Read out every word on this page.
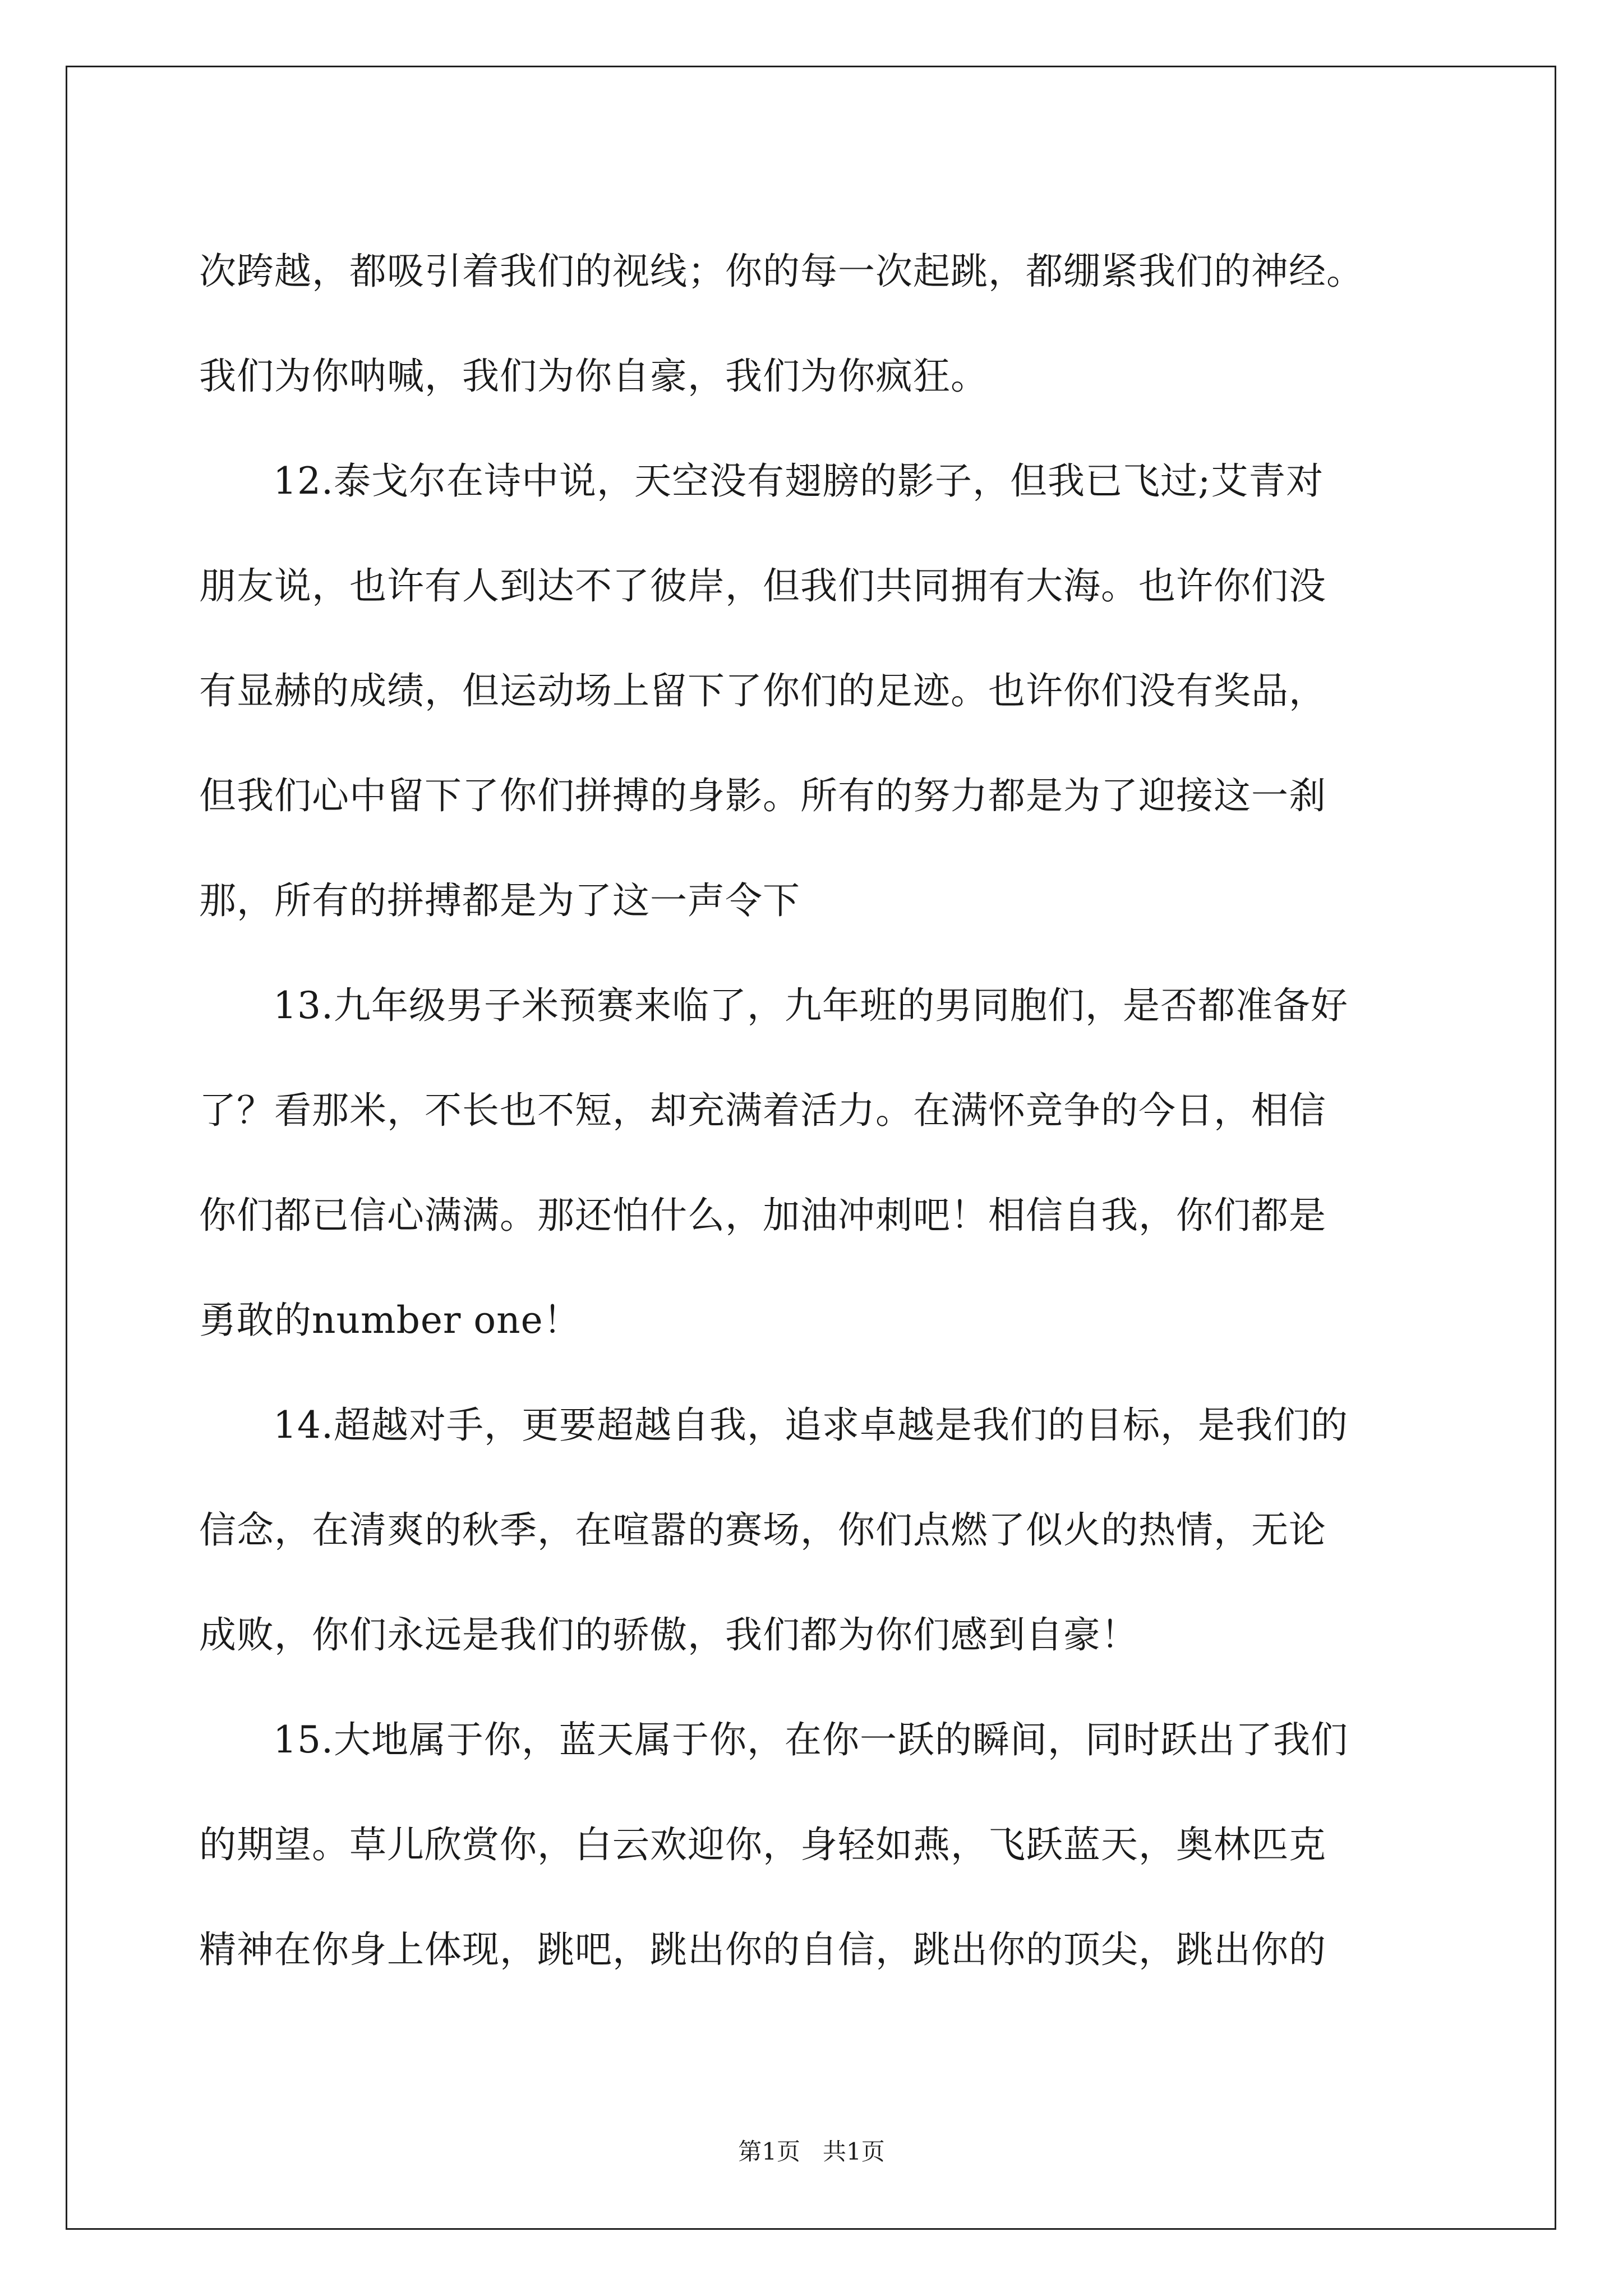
次跨越，都吸引着我们的视线；你的每一次起跳，都绷紧我们的神经。
我们为你呐喊，我们为你自豪，我们为你疯狂。
12.泰戈尔在诗中说，天空没有翅膀的影子，但我已飞过;艾青对
朋友说，也许有人到达不了彼岸，但我们共同拥有大海。也许你们没
有显赫的成绩，但运动场上留下了你们的足迹。也许你们没有奖品，
但我们心中留下了你们拼搏的身影。所有的努力都是为了迎接这一刹
那，所有的拼搏都是为了这一声令下
13.九年级男子米预赛来临了，九年班的男同胞们，是否都准备好
了？看那米，不长也不短，却充满着活力。在满怀竞争的今日，相信
你们都已信心满满。那还怕什么，加油冲刺吧！相信自我，你们都是
勇敢的number one！
14.超越对手，更要超越自我，追求卓越是我们的目标，是我们的
信念，在清爽的秋季，在喧嚣的赛场，你们点燃了似火的热情，无论
成败，你们永远是我们的骄傲，我们都为你们感到自豪！
15.大地属于你，蓝天属于你，在你一跃的瞬间，同时跃出了我们
的期望。草儿欣赏你，白云欢迎你，身轻如燕，飞跃蓝天，奥林匹克
精神在你身上体现，跳吧，跳出你的自信，跳出你的顶尖，跳出你的
第1页   共1页
